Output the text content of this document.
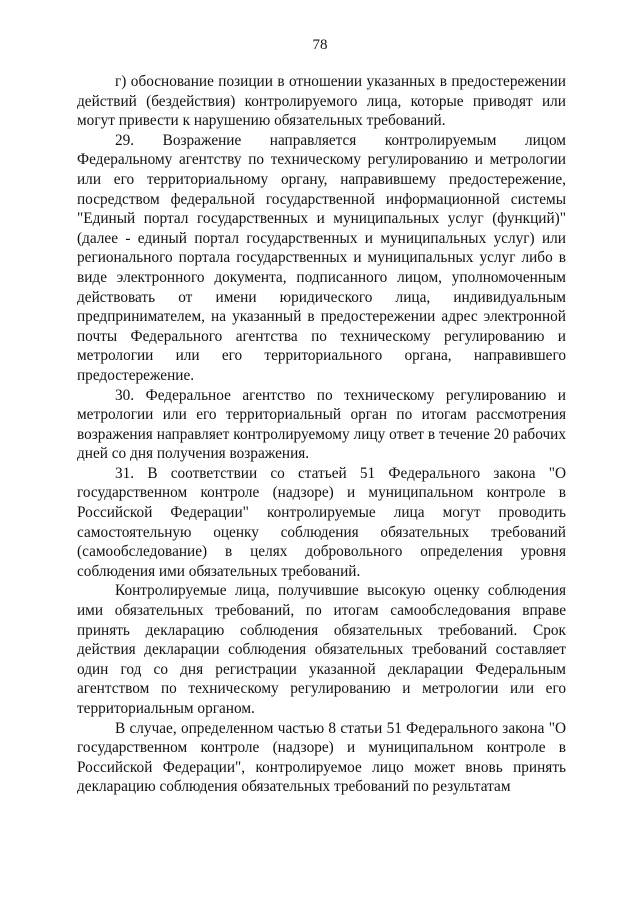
78

г) обоснование позиции в отношении указанных в предостережении действий (бездействия) контролируемого лица, которые приводят или могут привести к нарушению обязательных требований.

29. Возражение направляется контролируемым лицом Федеральному агентству по техническому регулированию и метрологии или его территориальному органу, направившему предостережение, посредством федеральной государственной информационной системы "Единый портал государственных и муниципальных услуг (функций)" (далее - единый портал государственных и муниципальных услуг) или регионального портала государственных и муниципальных услуг либо в виде электронного документа, подписанного лицом, уполномоченным действовать от имени юридического лица, индивидуальным предпринимателем, на указанный в предостережении адрес электронной почты Федерального агентства по техническому регулированию и метрологии или его территориального органа, направившего предостережение.

30. Федеральное агентство по техническому регулированию и метрологии или его территориальный орган по итогам рассмотрения возражения направляет контролируемому лицу ответ в течение 20 рабочих дней со дня получения возражения.

31. В соответствии со статьей 51 Федерального закона "О государственном контроле (надзоре) и муниципальном контроле в Российской Федерации" контролируемые лица могут проводить самостоятельную оценку соблюдения обязательных требований (самообследование) в целях добровольного определения уровня соблюдения ими обязательных требований.

Контролируемые лица, получившие высокую оценку соблюдения ими обязательных требований, по итогам самообследования вправе принять декларацию соблюдения обязательных требований. Срок действия декларации соблюдения обязательных требований составляет один год со дня регистрации указанной декларации Федеральным агентством по техническому регулированию и метрологии или его территориальным органом.

В случае, определенном частью 8 статьи 51 Федерального закона "О государственном контроле (надзоре) и муниципальном контроле в Российской Федерации", контролируемое лицо может вновь принять декларацию соблюдения обязательных требований по результатам
